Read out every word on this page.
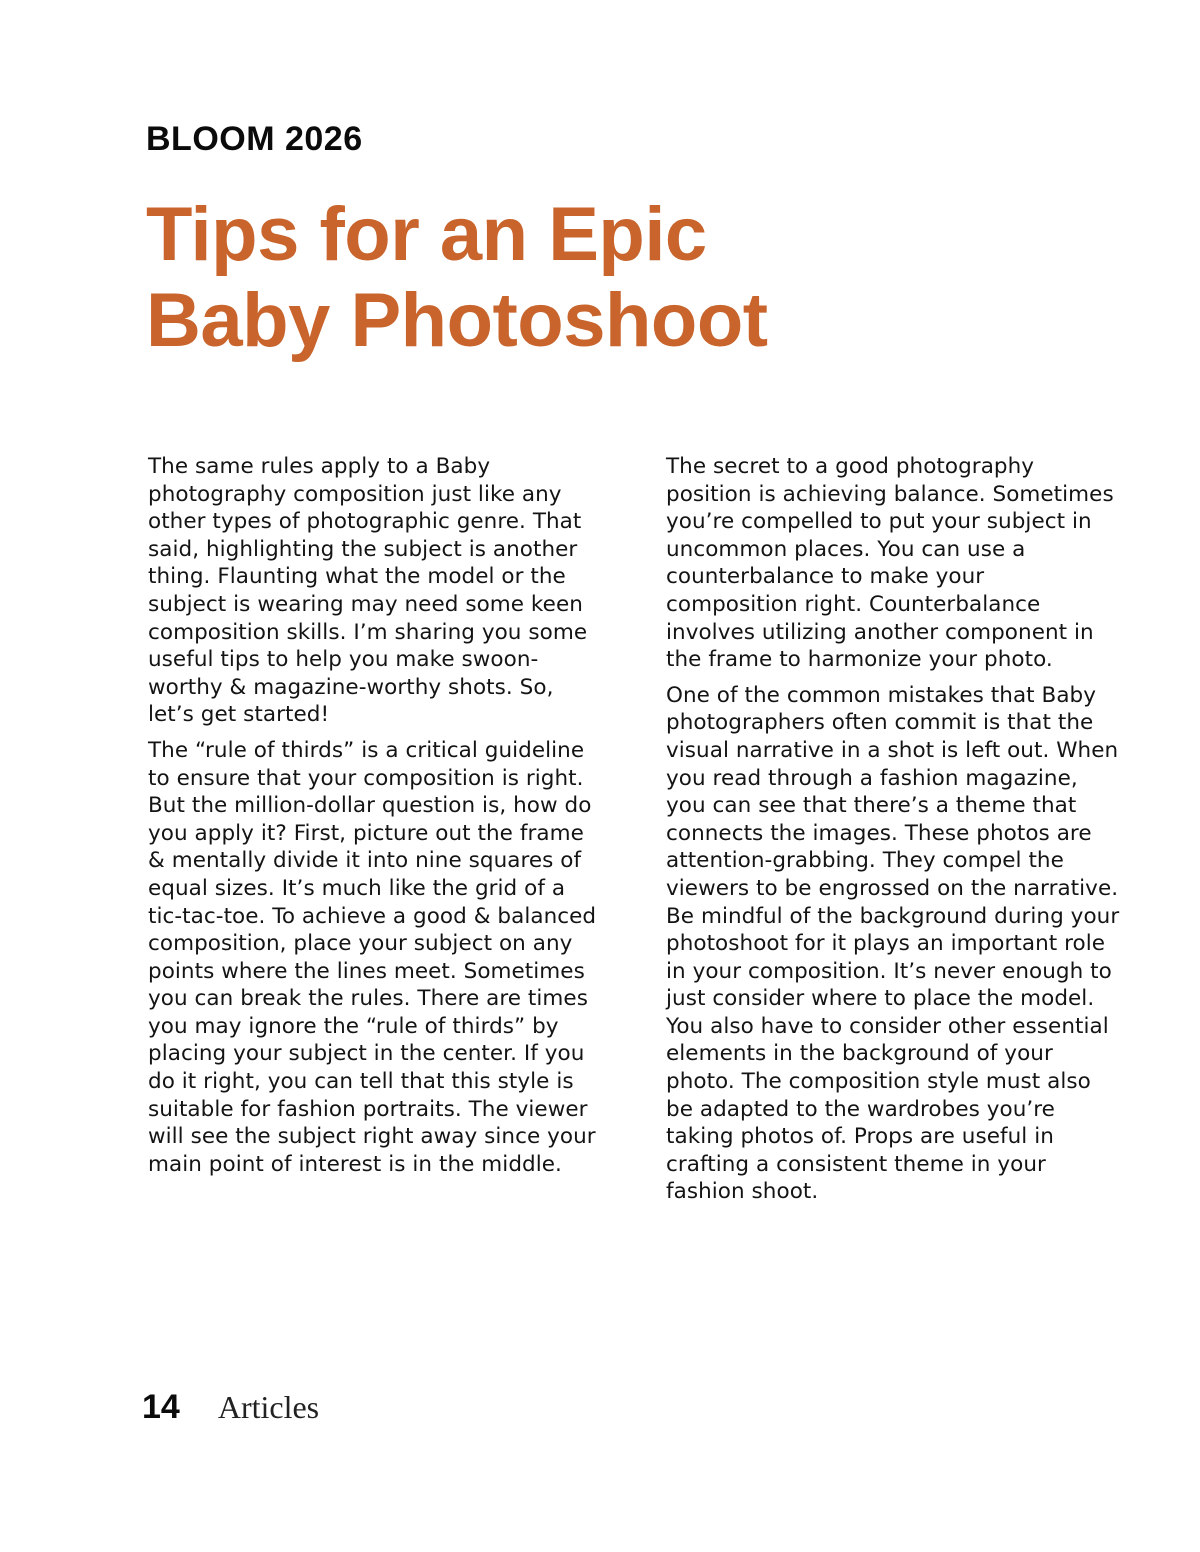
BLOOM 2026
Tips for an Epic
Baby Photoshoot

The same rules apply to a Baby photography composition just like any other types of photographic genre. That said, highlighting the subject is another thing. Flaunting what the model or the subject is wearing may need some keen composition skills. I’m sharing you some useful tips to help you make swoon-worthy & magazine-worthy shots. So, let’s get started!

The “rule of thirds” is a critical guideline to ensure that your composition is right. But the million-dollar question is, how do you apply it? First, picture out the frame & mentally divide it into nine squares of equal sizes. It’s much like the grid of a tic-tac-toe. To achieve a good & balanced composition, place your subject on any points where the lines meet. Sometimes you can break the rules. There are times you may ignore the “rule of thirds” by placing your subject in the center. If you do it right, you can tell that this style is suitable for fashion portraits. The viewer will see the subject right away since your main point of interest is in the middle.

The secret to a good photography position is achieving balance. Sometimes you’re compelled to put your subject in uncommon places. You can use a counterbalance to make your composition right. Counterbalance involves utilizing another component in the frame to harmonize your photo.

One of the common mistakes that Baby photographers often commit is that the visual narrative in a shot is left out. When you read through a fashion magazine, you can see that there’s a theme that connects the images. These photos are attention-grabbing. They compel the viewers to be engrossed on the narrative. Be mindful of the background during your photoshoot for it plays an important role in your composition. It’s never enough to just consider where to place the model. You also have to consider other essential elements in the background of your photo. The composition style must also be adapted to the wardrobes you’re taking photos of. Props are useful in crafting a consistent theme in your fashion shoot.

14 Articles
